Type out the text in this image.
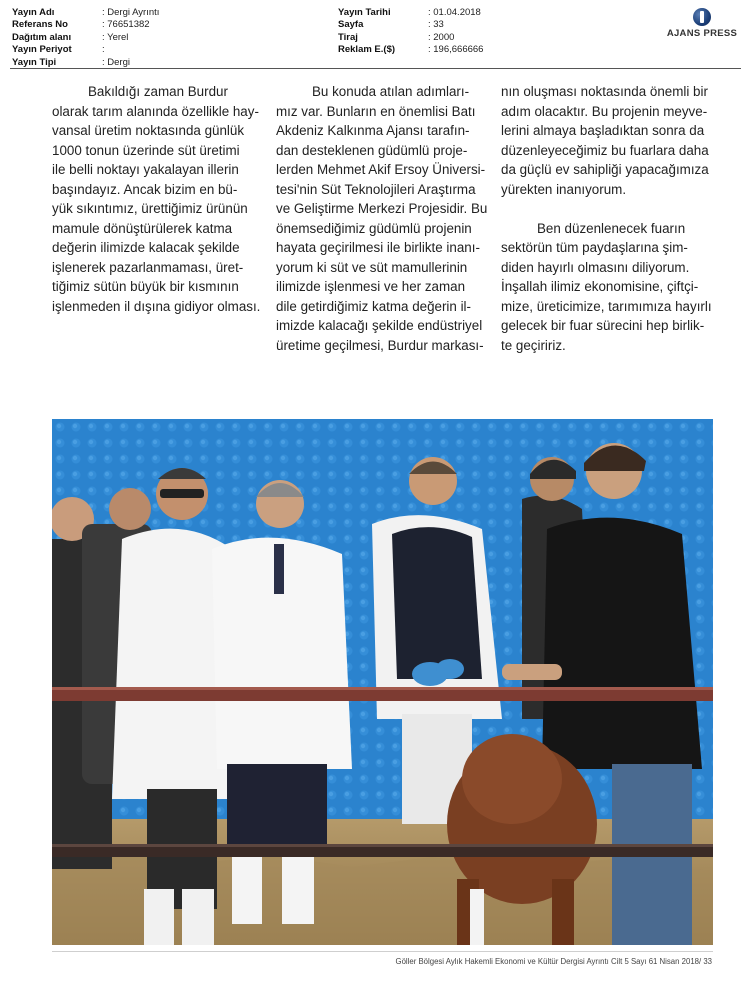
Yayın Adı	: Dergi Ayrıntı
Referans No	: 76651382
Dağıtım alanı	: Yerel
Yayın Periyot	:
Yayın Tipi	: Dergi
Yayın Tarihi	: 01.04.2018
Sayfa	: 33
Tiraj	: 2000
Reklam E.($)	: 196,666666
AJANS PRESS

Bakıldığı zaman Burdur

olarak tarım alanında özellikle hay-

vansal üretim noktasında günlük

1000 tonun üzerinde süt üretimi

ile belli noktayı yakalayan illerin

başındayız. Ancak bizim en bü-

yük sıkıntımız, ürettiğimiz ürünün

mamule dönüştürülerek katma

değerin ilimizde kalacak şekilde

işlenerek pazarlanmaması, üret-

tiğimiz sütün büyük bir kısmının

işlenmeden il dışına gidiyor olması.

Bu konuda atılan adımları-

mız var. Bunların en önemlisi Batı

Akdeniz Kalkınma Ajansı tarafın-

dan desteklenen güdümlü proje-

lerden Mehmet Akif Ersoy Üniversi-

tesi'nin Süt Teknolojileri Araştırma

ve Geliştirme Merkezi Projesidir. Bu

önemsediğimiz güdümlü projenin

hayata geçirilmesi ile birlikte inanı-

yorum ki süt ve süt mamullerinin

ilimizde işlenmesi ve her zaman

dile getirdiğimiz katma değerin il-

imizde kalacağı şekilde endüstriyel

üretime geçilmesi, Burdur markası-

nın oluşması noktasında önemli bir

adım olacaktır. Bu projenin meyve-

lerini almaya başladıktan sonra da

düzenleyeceğimiz bu fuarlara daha

da güçlü ev sahipliği yapacağımıza

yürekten inanıyorum.

Ben düzenlenecek fuarın

sektörün tüm paydaşlarına şim-

diden hayırlı olmasını diliyorum.

İnşallah ilimiz ekonomisine, çiftçi-

mize, üreticimize, tarımımıza hayırlı

gelecek bir fuar sürecini hep birlik-

te geçiririz.

Göller Bölgesi Aylık Hakemli Ekonomi ve Kültür Dergisi Ayrıntı Cilt 5 Sayı 61 Nisan 2018/ 33
